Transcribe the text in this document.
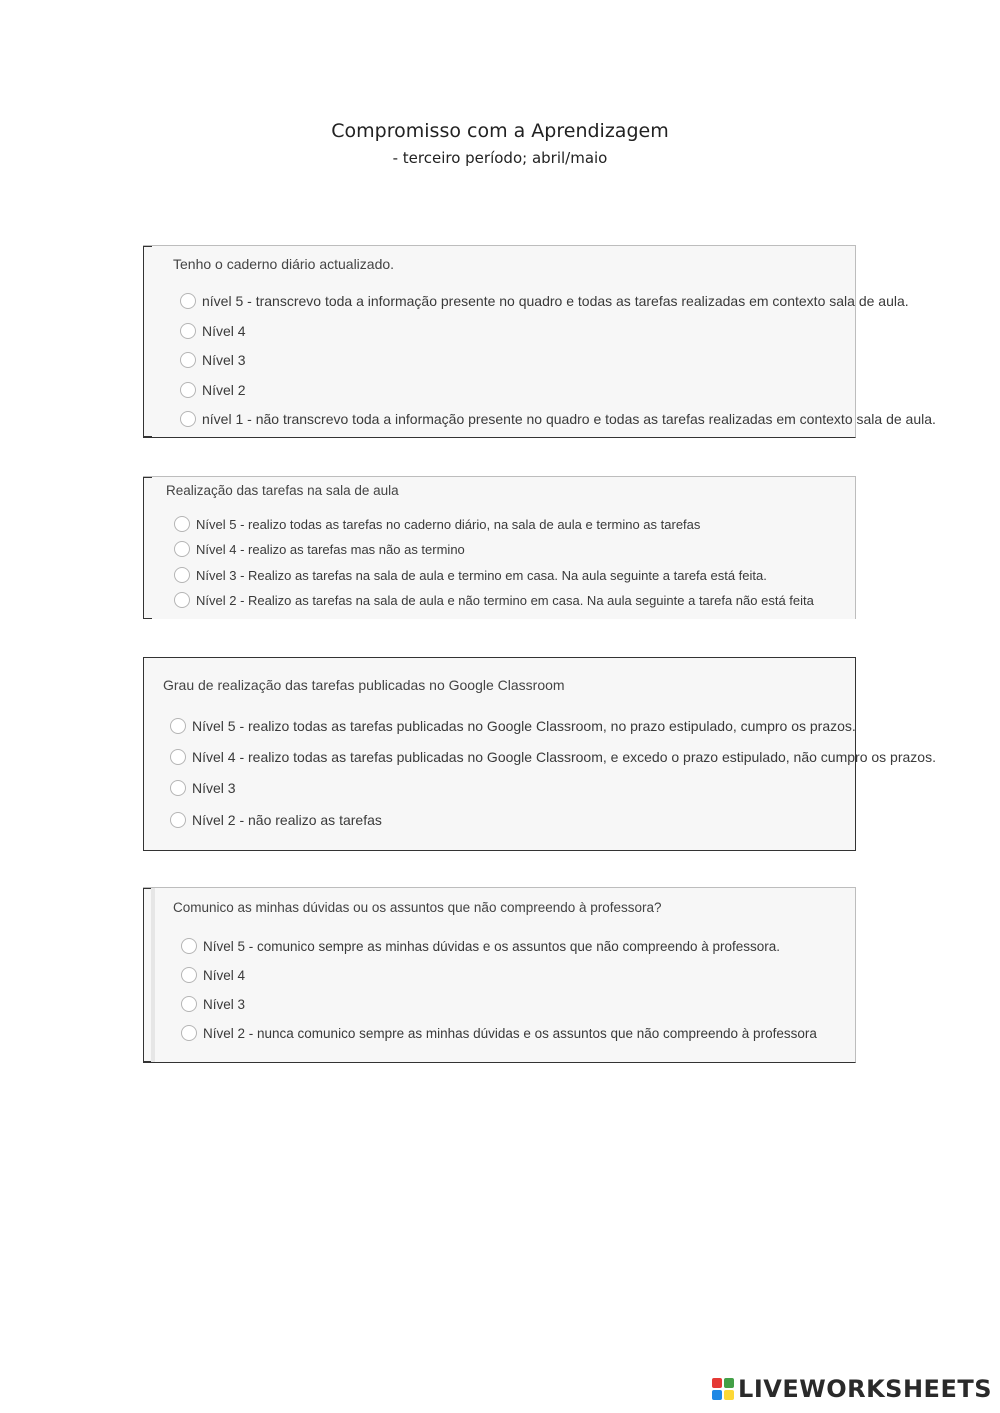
Compromisso com a Aprendizagem
- terceiro período; abril/maio
Tenho o caderno diário actualizado.
nível 5 - transcrevo toda a informação presente no quadro e todas as tarefas realizadas em contexto sala de aula.
Nível 4
Nível 3
Nível 2
nível 1 - não transcrevo toda a informação presente no quadro e todas as tarefas realizadas em contexto sala de aula.
Realização das tarefas na sala de aula
Nível 5 - realizo todas as tarefas no caderno diário, na sala de aula e termino as tarefas
Nível 4 - realizo as tarefas mas não as termino
Nível 3 - Realizo as tarefas na sala de aula e termino em casa. Na aula seguinte a tarefa está feita.
Nível 2 - Realizo as tarefas na sala de aula e não termino em casa. Na aula seguinte a tarefa não está feita
Grau de realização das tarefas publicadas no Google Classroom
Nível 5 - realizo todas as tarefas publicadas no Google Classroom, no prazo estipulado, cumpro os prazos.
Nível 4 - realizo todas as tarefas publicadas no Google Classroom, e excedo o prazo estipulado, não cumpro os prazos.
Nível 3
Nível 2 - não realizo as tarefas
Comunico as minhas dúvidas ou os assuntos que não compreendo à professora?
Nível 5 - comunico sempre as minhas dúvidas e os assuntos que não compreendo à professora.
Nível 4
Nível 3
Nível 2 - nunca comunico sempre as minhas dúvidas e os assuntos que não compreendo à professora
LIVEWORKSHEETS
